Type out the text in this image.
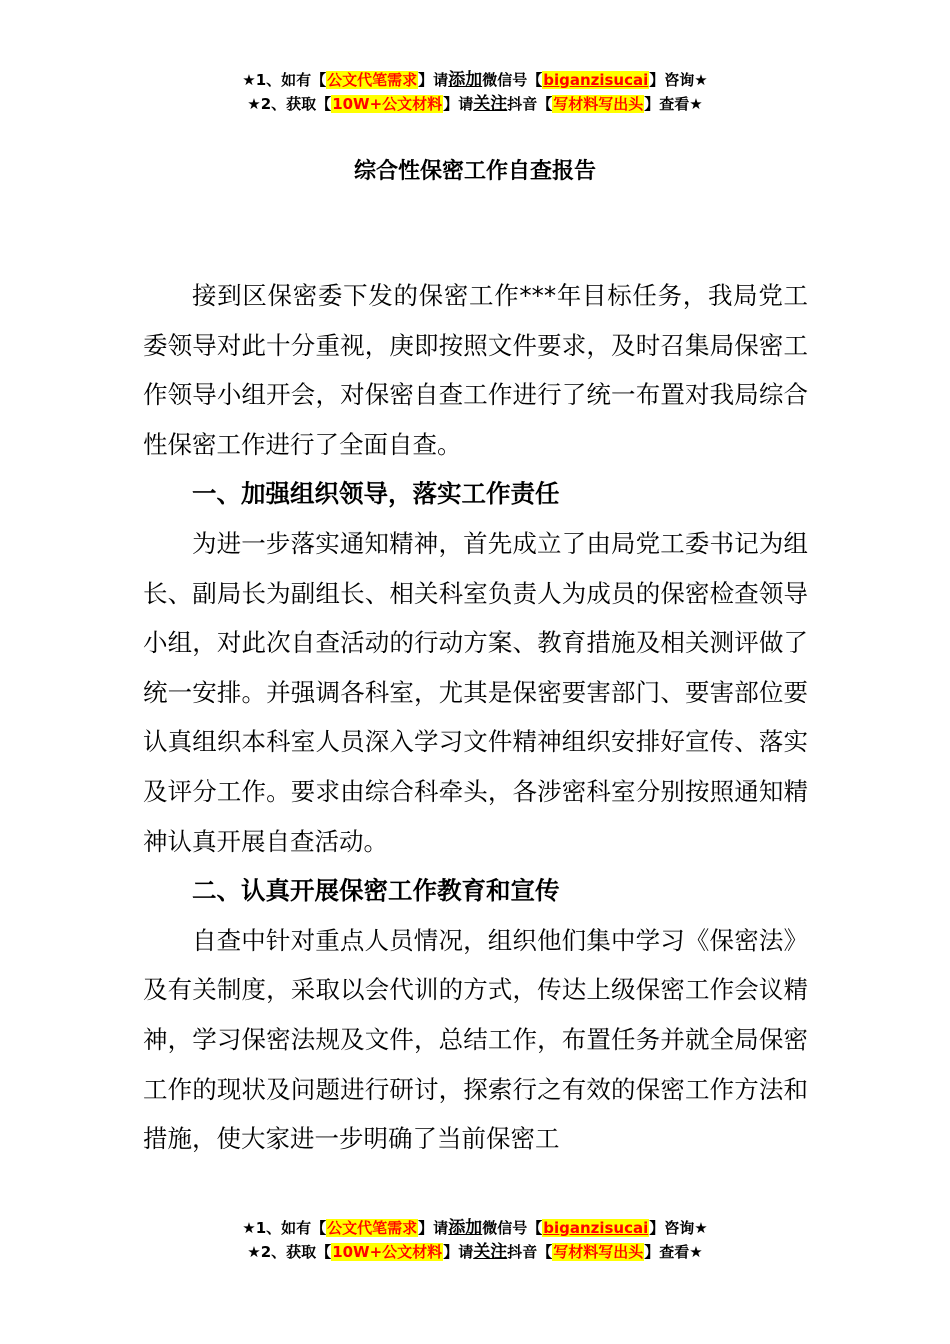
★1、如有【公文代笔需求】请添加微信号【biganzisucai】咨询★
★2、获取【10W+公文材料】请关注抖音【写材料写出头】查看★
综合性保密工作自查报告

接到区保密委下发的保密工作***年目标任务，我局党工委领导对此十分重视，庚即按照文件要求，及时召集局保密工作领导小组开会，对保密自查工作进行了统一布置对我局综合性保密工作进行了全面自查。

一、加强组织领导，落实工作责任

为进一步落实通知精神，首先成立了由局党工委书记为组长、副局长为副组长、相关科室负责人为成员的保密检查领导小组，对此次自查活动的行动方案、教育措施及相关测评做了统一安排。并强调各科室，尤其是保密要害部门、要害部位要认真组织本科室人员深入学习文件精神组织安排好宣传、落实及评分工作。要求由综合科牵头，各涉密科室分别按照通知精神认真开展自查活动。

二、认真开展保密工作教育和宣传

自查中针对重点人员情况，组织他们集中学习《保密法》及有关制度，采取以会代训的方式，传达上级保密工作会议精神，学习保密法规及文件，总结工作，布置任务并就全局保密工作的现状及问题进行研讨，探索行之有效的保密工作方法和措施，使大家进一步明确了当前保密工

★1、如有【公文代笔需求】请添加微信号【biganzisucai】咨询★
★2、获取【10W+公文材料】请关注抖音【写材料写出头】查看★
